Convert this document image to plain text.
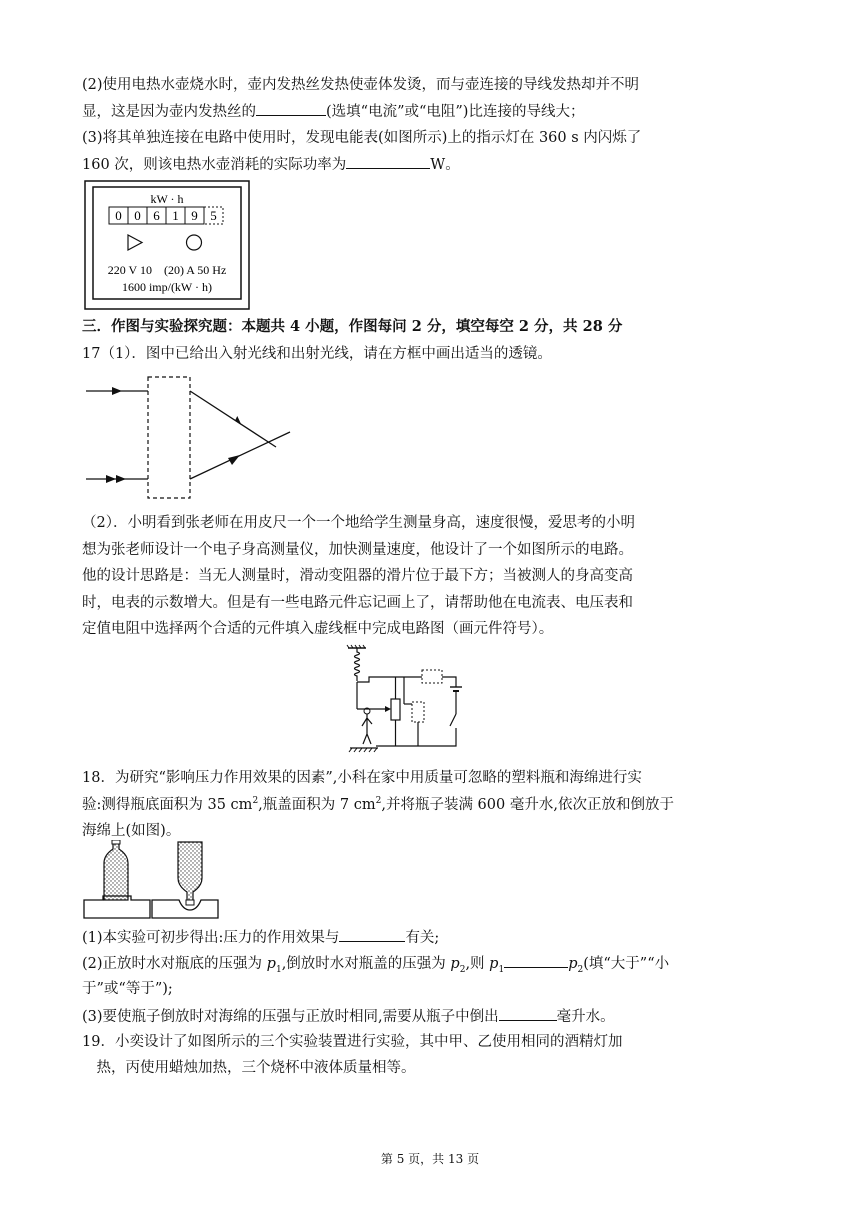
(2)使用电热水壶烧水时，壶内发热丝发热使壶体发烫，而与壶连接的导线发热却并不明
显，这是因为壶内发热丝的	(选填“电流”或“电阻”)比连接的导线大；
(3)将其单独连接在电路中使用时，发现电能表(如图所示)上的指示灯在 360 s 内闪烁了
160 次，则该电热水壶消耗的实际功率为	W。
kW · h
0 0 6 1 9 5
220 V 10　(20) A 50 Hz
1600 imp/(kW · h)
三．作图与实验探究题：本题共 4 小题，作图每问 2 分，填空每空 2 分，共 28 分
17（1）．图中已给出入射光线和出射光线，请在方框中画出适当的透镜。
（2）．小明看到张老师在用皮尺一个一个地给学生测量身高，速度很慢，爱思考的小明
想为张老师设计一个电子身高测量仪，加快测量速度，他设计了一个如图所示的电路。
他的设计思路是：当无人测量时，滑动变阻器的滑片位于最下方；当被测人的身高变高
时，电表的示数增大。但是有一些电路元件忘记画上了，请帮助他在电流表、电压表和
定值电阻中选择两个合适的元件填入虚线框中完成电路图（画元件符号）。
18．为研究“影响压力作用效果的因素”,小科在家中用质量可忽略的塑料瓶和海绵进行实
验:测得瓶底面积为 35 $cm^2$,瓶盖面积为 7 $cm^2$,并将瓶子装满 600 毫升水,依次正放和倒放于
海绵上(如图)。
(1)本实验可初步得出:压力的作用效果与	有关;
(2)正放时水对瓶底的压强为 $p_1$,倒放时水对瓶盖的压强为 $p_2$,则 $p_1$	$p_2$(填“大于”“小
于”或“等于”);
(3)要使瓶子倒放时对海绵的压强与正放时相同,需要从瓶子中倒出	毫升水。
19．小奕设计了如图所示的三个实验装置进行实验，其中甲、乙使用相同的酒精灯加
　热，丙使用蜡烛加热，三个烧杯中液体质量相等。
第 5 页，共 13 页
